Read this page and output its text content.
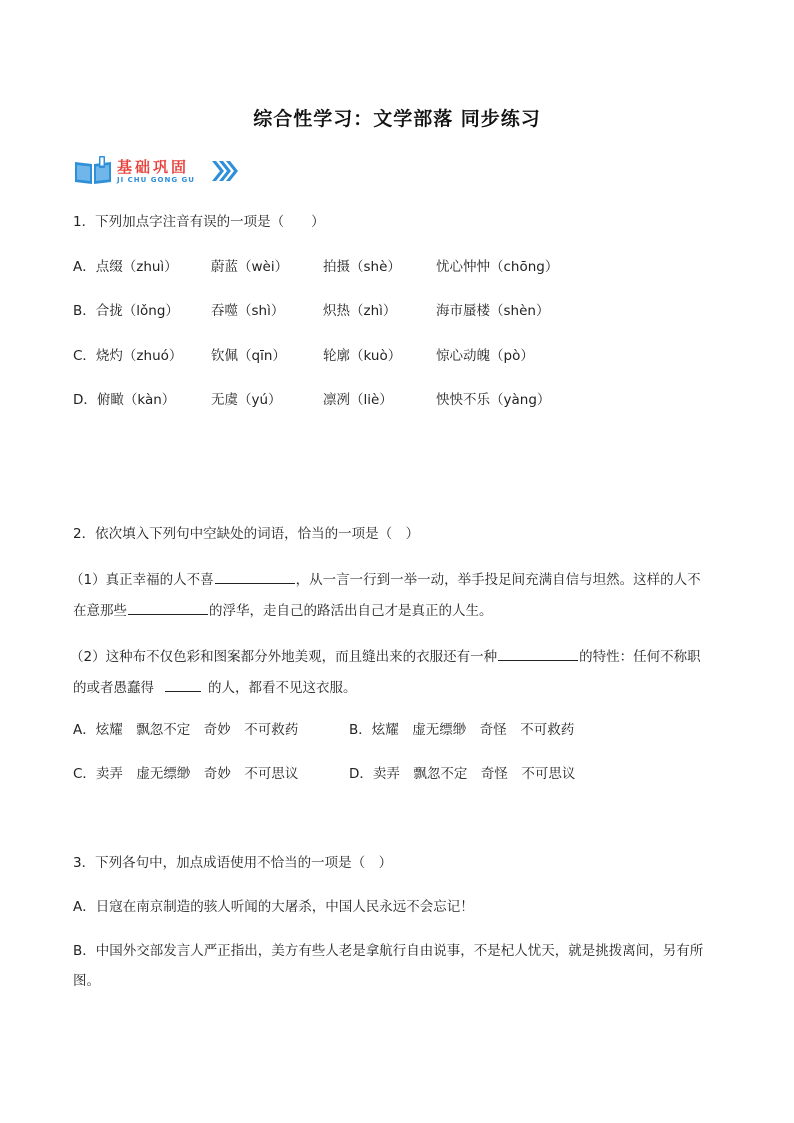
综合性学习：文学部落 同步练习
基础巩固
JI CHU GONG GU
1．下列加点字注音有误的一项是（　　）
A．点缀（zhuì） 蔚蓝（wèi）	拍摄（shè）	忧心忡忡（chōng）
B．合拢（lǒng） 吞噬（shì）	炽热（zhì）	海市蜃楼（shèn）
C．烧灼（zhuó） 钦佩（qīn）	轮廓（kuò）	惊心动魄（pò）
D．俯瞰（kàn）	无虞（yú）	凛冽（liè）	怏怏不乐（yàng）
2．依次填入下列句中空缺处的词语，恰当的一项是（　）
（1）真正幸福的人不喜	，从一言一行到一举一动，举手投足间充满自信与坦然。这样的人不
在意那些	的浮华，走自己的路活出自己才是真正的人生。
（2）这种布不仅色彩和图案都分外地美观，而且缝出来的衣服还有一种	的特性：任何不称职
的或者愚蠢得	的人，都看不见这衣服。
A．炫耀　飘忽不定　奇妙　不可救药	B．炫耀　虚无缥缈　奇怪　不可救药
C．卖弄　虚无缥缈　奇妙　不可思议	D．卖弄　飘忽不定　奇怪　不可思议
3．下列各句中，加点成语使用不恰当的一项是（　）
A．日寇在南京制造的骇人听闻的大屠杀，中国人民永远不会忘记！
B．中国外交部发言人严正指出，美方有些人老是拿航行自由说事，不是杞人忧天，就是挑拨离间，另有所
图。
